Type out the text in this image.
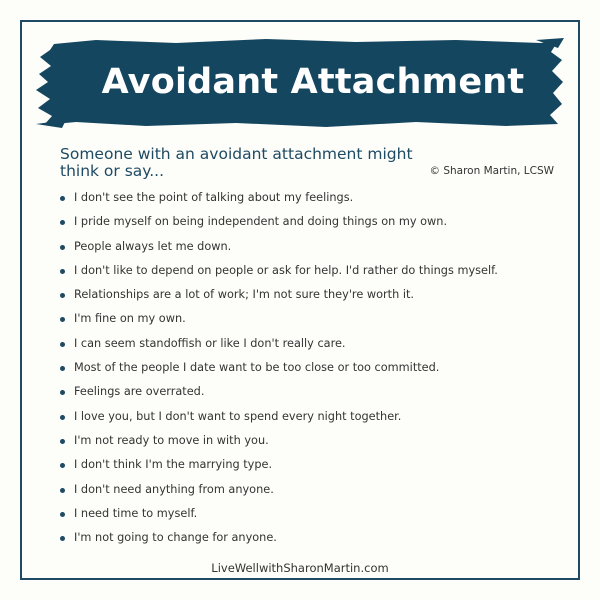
Avoidant Attachment
Someone with an avoidant attachment might think or say...	© Sharon Martin, LCSW
I don't see the point of talking about my feelings.
I pride myself on being independent and doing things on my own.
People always let me down.
I don't like to depend on people or ask for help. I'd rather do things myself.
Relationships are a lot of work; I'm not sure they're worth it.
I'm fine on my own.
I can seem standoffish or like I don't really care.
Most of the people I date want to be too close or too committed.
Feelings are overrated.
I love you, but I don't want to spend every night together.
I'm not ready to move in with you.
I don't think I'm the marrying type.
I don't need anything from anyone.
I need time to myself.
I'm not going to change for anyone.
LiveWellwithSharonMartin.com
